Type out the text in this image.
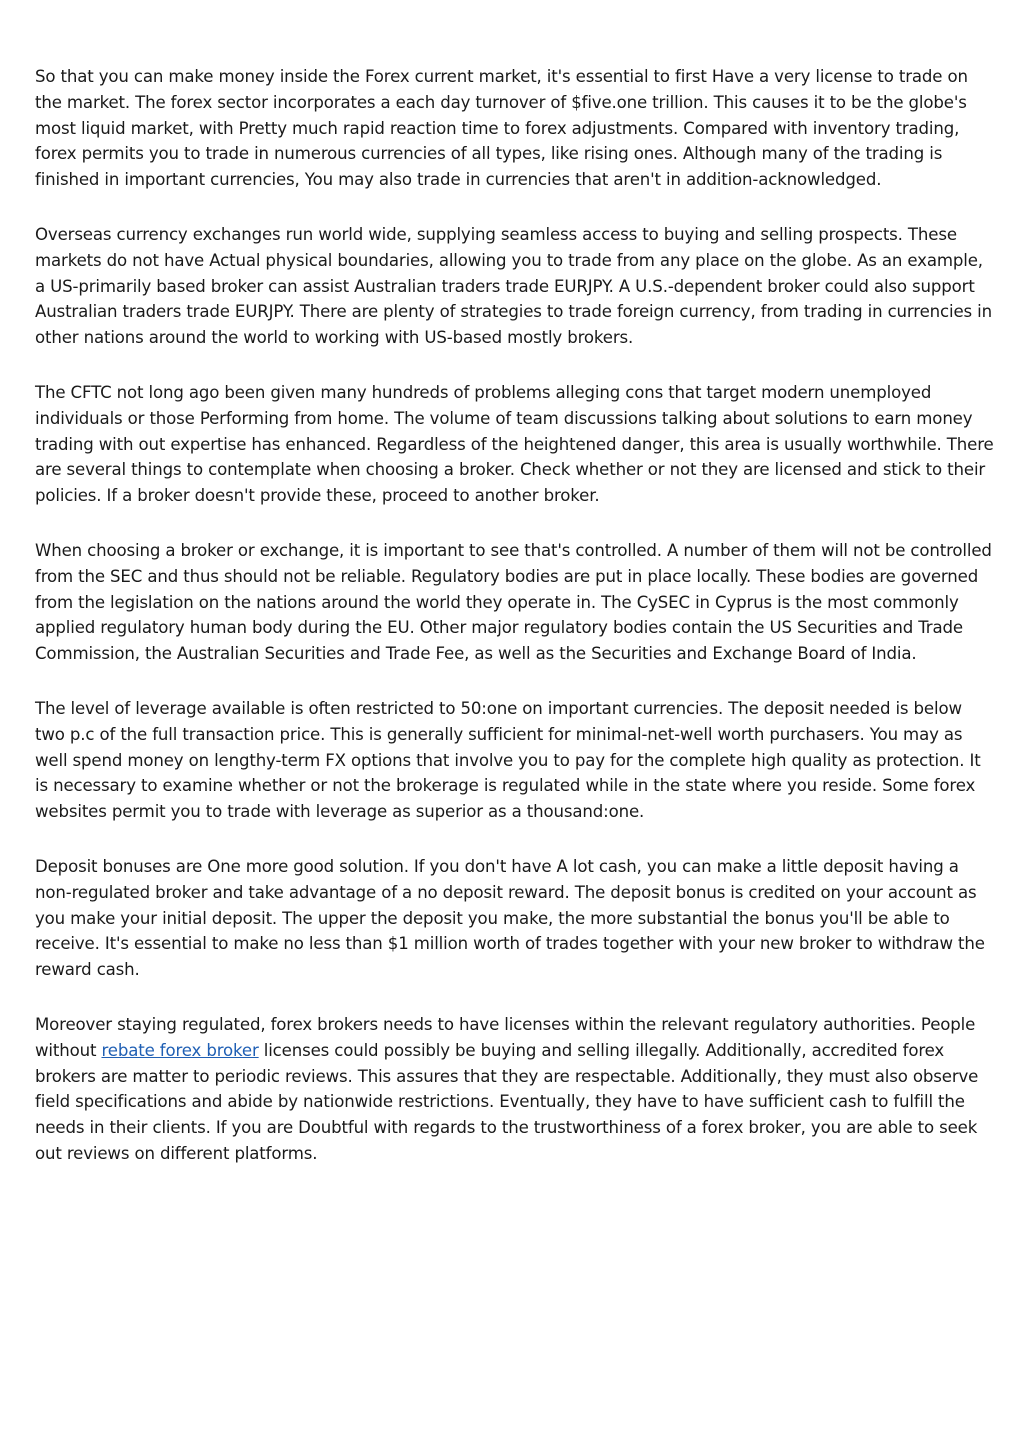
So that you can make money inside the Forex current market, it's essential to first Have a very license to trade on the market. The forex sector incorporates a each day turnover of $five.one trillion. This causes it to be the globe's most liquid market, with Pretty much rapid reaction time to forex adjustments. Compared with inventory trading, forex permits you to trade in numerous currencies of all types, like rising ones. Although many of the trading is finished in important currencies, You may also trade in currencies that aren't in addition-acknowledged.

Overseas currency exchanges run world wide, supplying seamless access to buying and selling prospects. These markets do not have Actual physical boundaries, allowing you to trade from any place on the globe. As an example, a US-primarily based broker can assist Australian traders trade EURJPY. A U.S.-dependent broker could also support Australian traders trade EURJPY. There are plenty of strategies to trade foreign currency, from trading in currencies in other nations around the world to working with US-based mostly brokers.

The CFTC not long ago been given many hundreds of problems alleging cons that target modern unemployed individuals or those Performing from home. The volume of team discussions talking about solutions to earn money trading with out expertise has enhanced. Regardless of the heightened danger, this area is usually worthwhile. There are several things to contemplate when choosing a broker. Check whether or not they are licensed and stick to their policies. If a broker doesn't provide these, proceed to another broker.

When choosing a broker or exchange, it is important to see that's controlled. A number of them will not be controlled from the SEC and thus should not be reliable. Regulatory bodies are put in place locally. These bodies are governed from the legislation on the nations around the world they operate in. The CySEC in Cyprus is the most commonly applied regulatory human body during the EU. Other major regulatory bodies contain the US Securities and Trade Commission, the Australian Securities and Trade Fee, as well as the Securities and Exchange Board of India.

The level of leverage available is often restricted to 50:one on important currencies. The deposit needed is below two p.c of the full transaction price. This is generally sufficient for minimal-net-well worth purchasers. You may as well spend money on lengthy-term FX options that involve you to pay for the complete high quality as protection. It is necessary to examine whether or not the brokerage is regulated while in the state where you reside. Some forex websites permit you to trade with leverage as superior as a thousand:one.

Deposit bonuses are One more good solution. If you don't have A lot cash, you can make a little deposit having a non-regulated broker and take advantage of a no deposit reward. The deposit bonus is credited on your account as you make your initial deposit. The upper the deposit you make, the more substantial the bonus you'll be able to receive. It's essential to make no less than $1 million worth of trades together with your new broker to withdraw the reward cash.

Moreover staying regulated, forex brokers needs to have licenses within the relevant regulatory authorities. People without rebate forex broker licenses could possibly be buying and selling illegally. Additionally, accredited forex brokers are matter to periodic reviews. This assures that they are respectable. Additionally, they must also observe field specifications and abide by nationwide restrictions. Eventually, they have to have sufficient cash to fulfill the needs in their clients. If you are Doubtful with regards to the trustworthiness of a forex broker, you are able to seek out reviews on different platforms.
